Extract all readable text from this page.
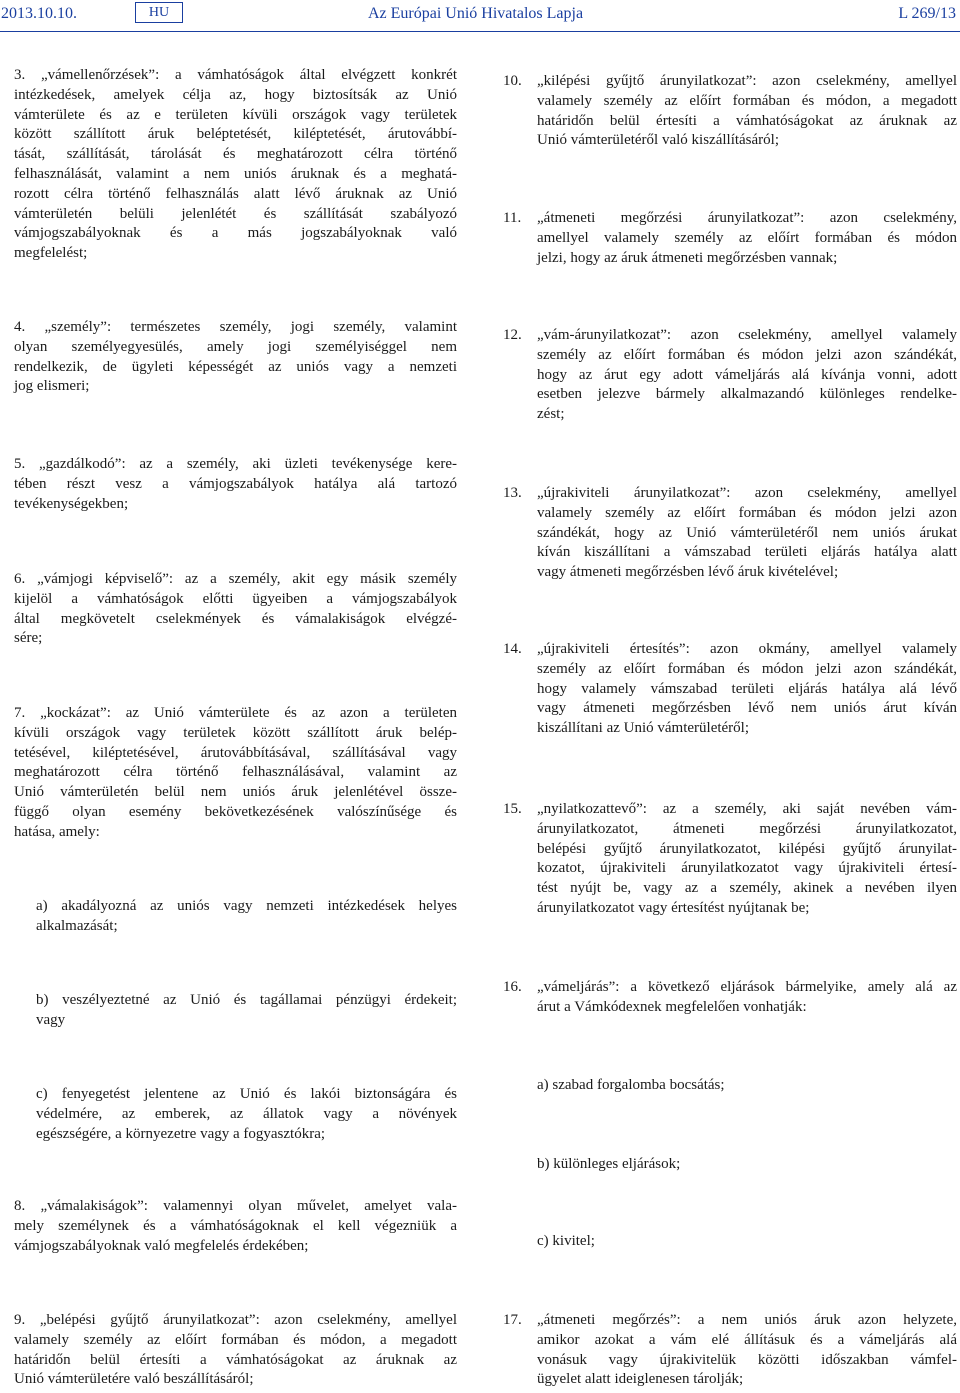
2013.10.10.	HU	Az Európai Unió Hivatalos Lapja	L 269/13
3. „vámellenőrzések”: a vámhatóságok által elvégzett konkrét
intézkedések, amelyek célja az, hogy biztosítsák az Unió
vámterülete és az e területen kívüli országok vagy területek
között szállított áruk beléptetését, kiléptetését, árutovábbí-
tását, szállítását, tárolását és meghatározott célra történő
felhasználását, valamint a nem uniós áruknak és a meghatá-
rozott célra történő felhasználás alatt lévő áruknak az Unió
vámterületén belüli jelenlétét és szállítását szabályozó
vámjogszabályoknak és a más jogszabályoknak való
megfelelést;
4. „személy”: természetes személy, jogi személy, valamint
olyan személyegyesülés, amely jogi személyiséggel nem
rendelkezik, de ügyleti képességét az uniós vagy a nemzeti
jog elismeri;
5. „gazdálkodó”: az a személy, aki üzleti tevékenysége kere-
tében részt vesz a vámjogszabályok hatálya alá tartozó
tevékenységekben;
6. „vámjogi képviselő”: az a személy, akit egy másik személy
kijelöl a vámhatóságok előtti ügyeiben a vámjogszabályok
által megkövetelt cselekmények és vámalakiságok elvégzé-
sére;
7. „kockázat”: az Unió vámterülete és az azon a területen
kívüli országok vagy területek között szállított áruk belép-
tetésével, kiléptetésével, árutovábbításával, szállításával vagy
meghatározott célra történő felhasználásával, valamint az
Unió vámterületén belül nem uniós áruk jelenlétével össze-
függő olyan esemény bekövetkezésének valószínűsége és
hatása, amely:
a) akadályozná az uniós vagy nemzeti intézkedések helyes
alkalmazását;
b) veszélyeztetné az Unió és tagállamai pénzügyi érdekeit;
vagy
c) fenyegetést jelentene az Unió és lakói biztonságára és
védelmére, az emberek, az állatok vagy a növények
egészségére, a környezetre vagy a fogyasztókra;
8. „vámalakiságok”: valamennyi olyan művelet, amelyet vala-
mely személynek és a vámhatóságoknak el kell végezniük a
vámjogszabályoknak való megfelelés érdekében;
9. „belépési gyűjtő árunyilatkozat”: azon cselekmény, amellyel
valamely személy az előírt formában és módon, a megadott
határidőn belül értesíti a vámhatóságokat az áruknak az
Unió vámterületére való beszállításáról;
„kilépési gyűjtő árunyilatkozat”: azon cselekmény, amellyel
valamely személy az előírt formában és módon, a megadott
határidőn belül értesíti a vámhatóságokat az áruknak az
Unió vámterületéről való kiszállításáról;
10.
„átmeneti megőrzési árunyilatkozat”: azon cselekmény,
amellyel valamely személy az előírt formában és módon
jelzi, hogy az áruk átmeneti megőrzésben vannak;
11.
„vám-árunyilatkozat”: azon cselekmény, amellyel valamely
személy az előírt formában és módon jelzi azon szándékát,
hogy az árut egy adott vámeljárás alá kívánja vonni, adott
esetben jelezve bármely alkalmazandó különleges rendelke-
zést;
12.
„újrakiviteli árunyilatkozat”: azon cselekmény, amellyel
valamely személy az előírt formában és módon jelzi azon
szándékát, hogy az Unió vámterületéről nem uniós árukat
kíván kiszállítani a vámszabad területi eljárás hatálya alatt
vagy átmeneti megőrzésben lévő áruk kivételével;
13.
„újrakiviteli értesítés”: azon okmány, amellyel valamely
személy az előírt formában és módon jelzi azon szándékát,
hogy valamely vámszabad területi eljárás hatálya alá lévő
vagy átmeneti megőrzésben lévő nem uniós árut kíván
kiszállítani az Unió vámterületéről;
14.
„nyilatkozattevő”: az a személy, aki saját nevében vám-
árunyilatkozatot, átmeneti megőrzési árunyilatkozatot,
belépési gyűjtő árunyilatkozatot, kilépési gyűjtő árunyilat-
kozatot, újrakiviteli árunyilatkozatot vagy újrakiviteli értesí-
tést nyújt be, vagy az a személy, akinek a nevében ilyen
árunyilatkozatot vagy értesítést nyújtanak be;
15.
„vámeljárás”: a következő eljárások bármelyike, amely alá az
árut a Vámkódexnek megfelelően vonhatják:
16.
a) szabad forgalomba bocsátás;
b) különleges eljárások;
c) kivitel;
„átmeneti megőrzés”: a nem uniós áruk azon helyzete,
amikor azokat a vám elé állításuk és a vámeljárás alá
vonásuk vagy újrakivitelük közötti időszakban vámfel-
ügyelet alatt ideiglenesen tárolják;
17.
